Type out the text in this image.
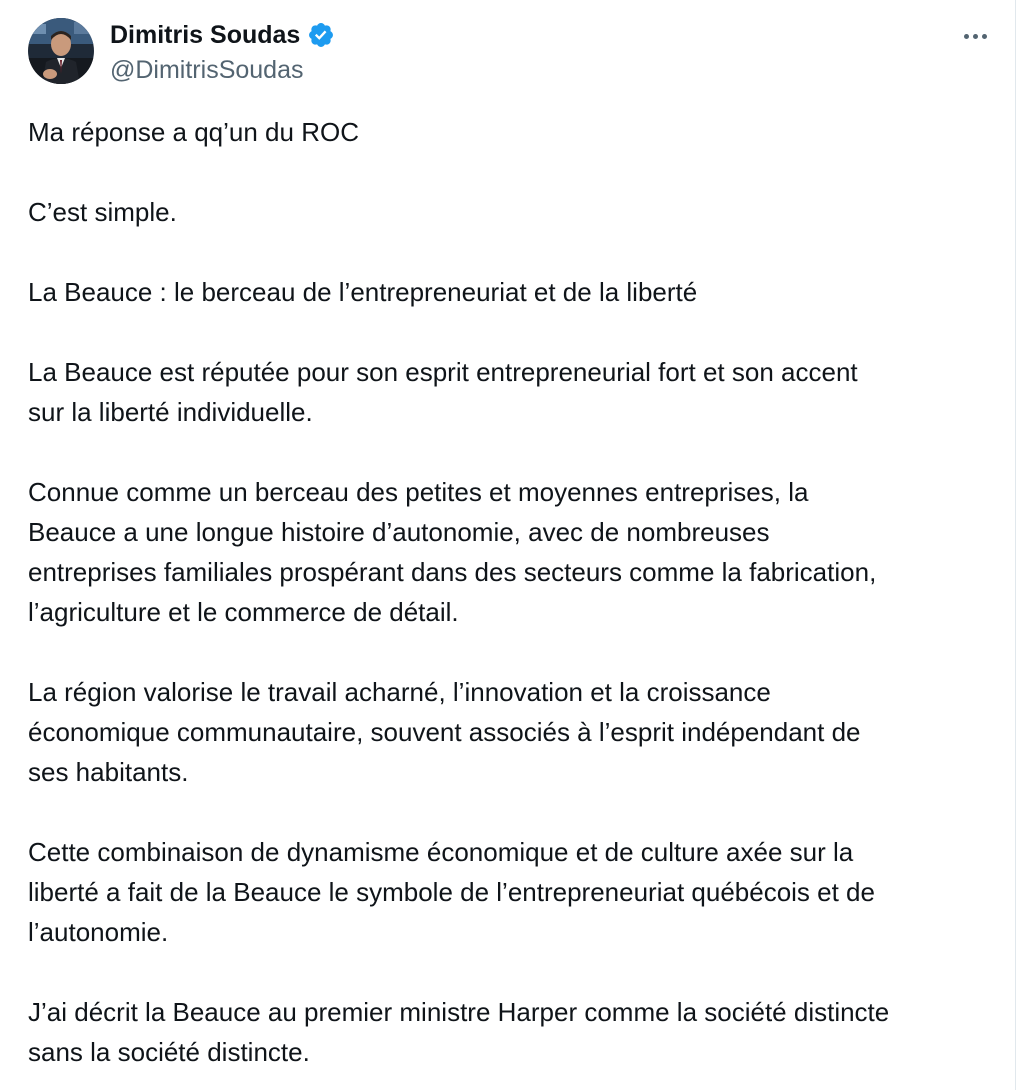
Dimitris Soudas
@DimitrisSoudas

Ma réponse a qq’un du ROC

C’est simple.

La Beauce : le berceau de l’entrepreneuriat et de la liberté

La Beauce est réputée pour son esprit entrepreneurial fort et son accent
sur la liberté individuelle.

Connue comme un berceau des petites et moyennes entreprises, la
Beauce a une longue histoire d’autonomie, avec de nombreuses
entreprises familiales prospérant dans des secteurs comme la fabrication,
l’agriculture et le commerce de détail.

La région valorise le travail acharné, l’innovation et la croissance
économique communautaire, souvent associés à l’esprit indépendant de
ses habitants.

Cette combinaison de dynamisme économique et de culture axée sur la
liberté a fait de la Beauce le symbole de l’entrepreneuriat québécois et de
l’autonomie.

J’ai décrit la Beauce au premier ministre Harper comme la société distincte
sans la société distincte.
